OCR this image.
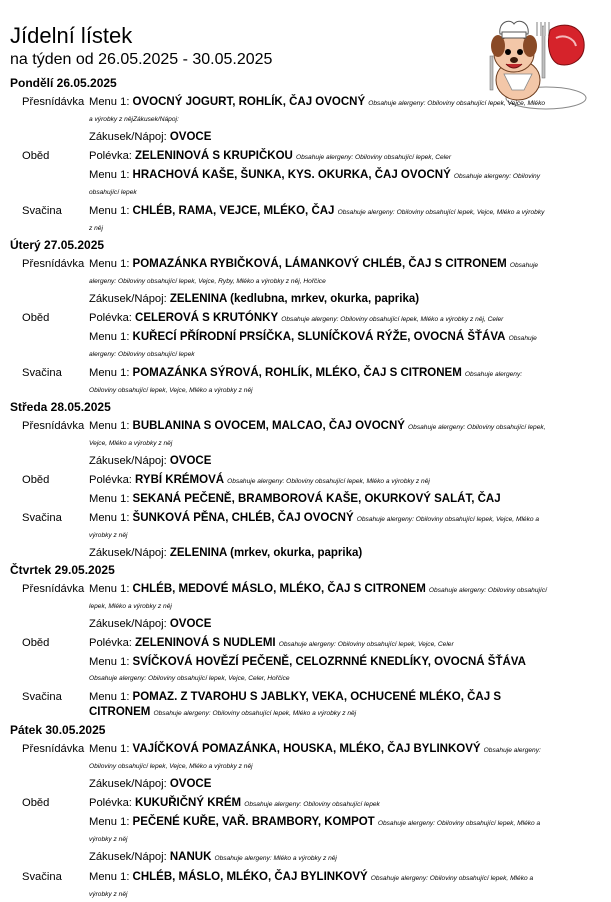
Jídelní lístek
na týden od 26.05.2025 - 30.05.2025
Pondělí 26.05.2025
Přesnídávka Menu 1: OVOCNÝ JOGURT, ROHLÍK, ČAJ OVOCNÝ Obsahuje alergeny: Obiloviny obsahující lepek, Vejce, Mléko a výrobky z nějZákusek/Nápoj:
Zákusek/Nápoj: OVOCE
Oběd	Polévka: ZELENINOVÁ S KRUPIČKOU Obsahuje alergeny: Obiloviny obsahující lepek, Celer
Menu 1: HRACHOVÁ KAŠE, ŠUNKA, KYS. OKURKA, ČAJ OVOCNÝ Obsahuje alergeny: Obiloviny obsahující lepek
Svačina	Menu 1: CHLÉB, RAMA, VEJCE, MLÉKO, ČAJ Obsahuje alergeny: Obiloviny obsahující lepek, Vejce, Mléko a výrobky z něj
Úterý 27.05.2025
Přesnídávka Menu 1: POMAZÁNKA RYBIČKOVÁ, LÁMANKOVÝ CHLÉB, ČAJ S CITRONEM Obsahuje alergeny: Obiloviny obsahující lepek, Vejce, Ryby, Mléko a výrobky z něj, Hořčice
Zákusek/Nápoj: ZELENINA (kedlubna, mrkev, okurka, paprika)
Oběd	Polévka: CELEROVÁ S KRUTÓNKY Obsahuje alergeny: Obiloviny obsahující lepek, Mléko a výrobky z něj, Celer
Menu 1: KUŘECÍ PŘÍRODNÍ PRSÍČKA, SLUNÍČKOVÁ RÝŽE, OVOCNÁ ŠŤÁVA Obsahuje alergeny: Obiloviny obsahující lepek
Svačina	Menu 1: POMAZÁNKA SÝROVÁ, ROHLÍK, MLÉKO, ČAJ S CITRONEM Obsahuje alergeny: Obiloviny obsahující lepek, Vejce, Mléko a výrobky z něj
Středa 28.05.2025
Přesnídávka Menu 1: BUBLANINA S OVOCEM, MALCAO, ČAJ OVOCNÝ Obsahuje alergeny: Obiloviny obsahující lepek, Vejce, Mléko a výrobky z něj
Zákusek/Nápoj: OVOCE
Oběd	Polévka: RYBÍ KRÉMOVÁ Obsahuje alergeny: Obiloviny obsahující lepek, Mléko a výrobky z něj
Menu 1: SEKANÁ PEČENĚ, BRAMBOROVÁ KAŠE, OKURKOVÝ SALÁT, ČAJ
Svačina	Menu 1: ŠUNKOVÁ PĚNA, CHLÉB, ČAJ OVOCNÝ Obsahuje alergeny: Obiloviny obsahující lepek, Vejce, Mléko a výrobky z něj
Zákusek/Nápoj: ZELENINA (mrkev, okurka, paprika)
Čtvrtek 29.05.2025
Přesnídávka Menu 1: CHLÉB, MEDOVÉ MÁSLO, MLÉKO, ČAJ S CITRONEM Obsahuje alergeny: Obiloviny obsahující lepek, Mléko a výrobky z něj
Zákusek/Nápoj: OVOCE
Oběd	Polévka: ZELENINOVÁ S NUDLEMI Obsahuje alergeny: Obiloviny obsahující lepek, Vejce, Celer
Menu 1: SVÍČKOVÁ HOVĚZÍ PEČENĚ, CELOZRNNÉ KNEDLÍKY, OVOCNÁ ŠŤÁVA Obsahuje alergeny: Obiloviny obsahující lepek, Vejce, Celer, Hořčice
Svačina	Menu 1: POMAZ. Z TVAROHU S JABLKY, VEKA, OCHUCENÉ MLÉKO, ČAJ S CITRONEM Obsahuje alergeny: Obiloviny obsahující lepek, Mléko a výrobky z něj
Pátek 30.05.2025
Přesnídávka Menu 1: VAJÍČKOVÁ POMAZÁNKA, HOUSKA, MLÉKO, ČAJ BYLINKOVÝ Obsahuje alergeny: Obiloviny obsahující lepek, Vejce, Mléko a výrobky z něj
Zákusek/Nápoj: OVOCE
Oběd	Polévka: KUKUŘIČNÝ KRÉM Obsahuje alergeny: Obiloviny obsahující lepek
Menu 1: PEČENÉ KUŘE, VAŘ. BRAMBORY, KOMPOT Obsahuje alergeny: Obiloviny obsahující lepek, Mléko a výrobky z něj
Zákusek/Nápoj: NANUK Obsahuje alergeny: Mléko a výrobky z něj
Svačina	Menu 1: CHLÉB, MÁSLO, MLÉKO, ČAJ BYLINKOVÝ Obsahuje alergeny: Obiloviny obsahující lepek, Mléko a výrobky z něj
